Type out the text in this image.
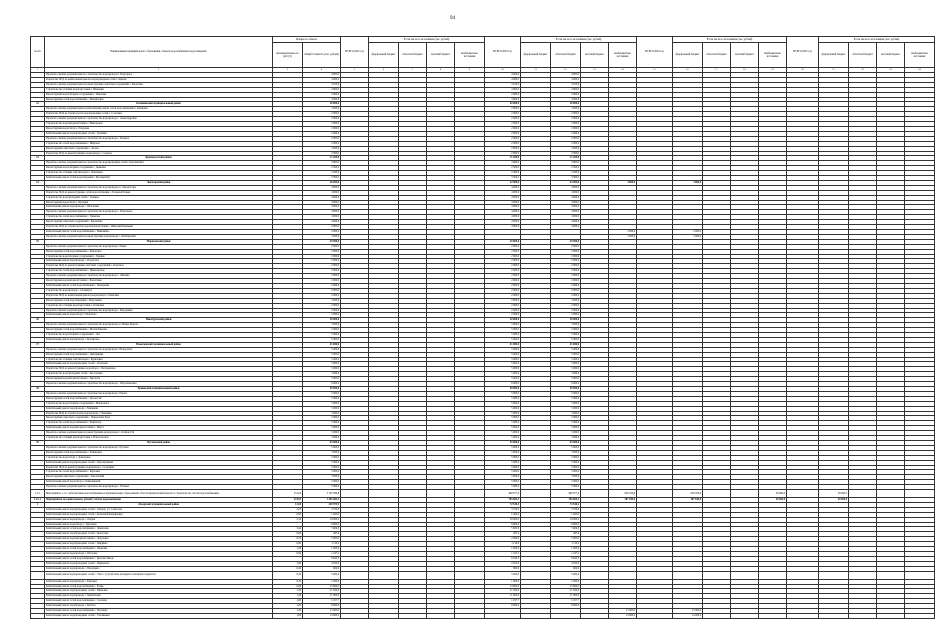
94
№ п/п	Наименование муниципального образования, объекта водоснабжения и водоотведения	Мощность объекта		ВСЕГО 2022 год	В том числе по источникам (тыс. рублей)				ВСЕГО 2023 год	В том числе по источникам (тыс. рублей)				ВСЕГО 2024 год	В том числе по источникам (тыс. рублей)				ВСЕГО 2025 год	В том числе по источникам (тыс. рублей)				
		производительность (м³/сут)	общий стоимость (тыс. рублей)		федеральный бюджет	областной бюджет	местный бюджет	внебюджетные источники		федеральный бюджет	областной бюджет	местный бюджет	внебюджетные источники		федеральный бюджет	областной бюджет	местный бюджет	внебюджетные источники		федеральный бюджет	областной бюджет	местный бюджет	внебюджетные источники	
1	2	3	4	5	6	7	8	9	10	11	12	13	14	15	16	17	18	19	20	21	22	23	24	
	Проектно-сметная документация на строительство водопровода п. Подгорное		4 000,0						4 000,0		4 000,0													
	Разработка ПСД на капитальный ремонт водопроводных сетей с. Кирово		4 000,0						4 000,0		4 000,0													
	Проектно-сметная документация на реконструкцию очистных сооружений с. Березовка		3 100,0						3 100,0		3 100,0													
	Строительство станции водоподготовки с. Ивановка		4 000,0						4 000,0		4 000,0													
	Реконструкция водозаборных сооружений с. Павловка		2 900,0						2 900,0		2 900,0													
	Реконструкция сетей водоснабжения с. Михайловка		3 900,0						3 900,0		3 900,0													
12	Калининский муниципальный район		20 000,0						20 000,0		20 000,0													
	Проектно-сметная документация на капитальный ремонт сетей водоснабжения п. Калинино		2 000,0						2 000,0		2 000,0													
	Разработка ПСД на строительство водопроводных сетей с. Сосновка		2 000,0						2 000,0		2 000,0													
	Проектно-сметная документация на строительство водопровода с. Александровка		2 000,0						2 000,0		2 000,0													
	Строительство водонапорной башни с. Никольское		2 000,0						2 000,0		2 000,0													
	Реконструкция водозабора с. Покровка		2 000,0						2 000,0		2 000,0													
	Капитальный ремонт водопроводных сетей с. Грачёвка		2 000,0						2 000,0		2 000,0													
	Проектно-сметная документация на строительство водопровода с. Полевое		2 000,0						2 000,0		2 000,0													
	Строительство сетей водоснабжения с. Широкое		2 000,0						2 000,0		2 000,0													
	Реконструкция очистных сооружений с. Лесное		2 000,0						2 000,0		2 000,0													
	Разработка ПСД на реконструкцию водопровода с. Садовое		2 000,0						2 000,0		2 000,0													
13	Краснокутский район		11 200,0						11 200,0		11 200,0													
	Проектно-сметная документация на строительство водопроводных сетей г. Красный Кут		3 000,0						3 000,0		3 000,0													
	Реконструкция водозаборных сооружений с. Дьяковка		2 500,0						2 500,0		2 500,0													
	Строительство станции очистки воды с. Лепехинка		2 400,0						2 400,0		2 400,0													
	Капитальный ремонт сетей водоотведения г. Красный Кут		3 300,0						3 300,0		3 300,0													
14	Лысогорский район		46 000,0						42 000,0		42 000,0		4 000,0		4 000,0									
	Проектно-сметная документация на строительство водопровода р.п. Лысые Горы		4 000,0						4 000,0		4 000,0													
	Разработка ПСД на реконструкцию сетей водоснабжения с. Большая Рельня		4 000,0						4 000,0		4 000,0													
	Строительство водопроводных сетей с. Урицкое		4 000,0						4 000,0		4 000,0													
	Реконструкция водозабора с. Бутырки		4 000,0						4 000,0		4 000,0													
	Капитальный ремонт водопровода с. Яблоновка		4 000,0						4 000,0		4 000,0													
	Проектно-сметная документация на строительство водопровода с. Раздольное		4 000,0						4 000,0		4 000,0													
	Строительство сетей водоснабжения с. Гремячка		4 000,0						4 000,0		4 000,0													
	Реконструкция очистных сооружений с. Барановка		4 000,0						4 000,0		4 000,0													
	Разработка ПСД на строительство водонапорной башни с. Широкий Карамыш		4 000,0						4 000,0		4 000,0													
	Капитальный ремонт сетей водоснабжения с. Невежкино		2 000,0										2 000,0		2 000,0									
	Проектно-сметная документация на реконструкцию водопровода с. Октябрьский		2 000,0										2 000,0		2 000,0									
15	Марксовский район		30 000,0						30 000,0		30 000,0													
	Проектно-сметная документация на строительство водопровода г. Маркс		2 000,0						2 000,0		2 000,0													
	Реконструкция сетей водоснабжения с. Кировское		2 000,0						2 000,0		2 000,0													
	Строительство водозаборных сооружений с. Зоркино		2 000,0						2 000,0		2 000,0													
	Капитальный ремонт водопровода с. Подлесное		2 000,0						2 000,0		2 000,0													
	Разработка ПСД на реконструкцию очистных сооружений с. Кочетное		2 000,0						2 000,0		2 000,0													
	Строительство сетей водоснабжения с. Приволжское		2 000,0						2 000,0		2 000,0													
	Проектно-сметная документация на строительство водопровода с. Липовка		2 000,0						2 000,0		2 000,0													
	Реконструкция водонапорной башни с. Баскатовка		2 000,0						2 000,0		2 000,0													
	Капитальный ремонт сетей водоснабжения с. Звонаревка		2 000,0						2 000,0		2 000,0													
	Строительство водопровода с. Сплавнуха		2 000,0						2 000,0		2 000,0													
	Разработка ПСД на капитальный ремонт водопровода с. Павловка		2 000,0						2 000,0		2 000,0													
	Реконструкция сетей водоотведения с. Воротаевка		2 000,0						2 000,0		2 000,0													
	Строительство станции водоподготовки с. Осиновка		2 000,0						2 000,0		2 000,0													
	Проектно-сметная документация на строительство водопровода с. Бородаевка		2 000,0						2 000,0		2 000,0													
	Капитальный ремонт водозабора с. Раскатово		2 000,0						2 000,0		2 000,0													
16	Новобурасский район		20 000,0						20 000,0		20 000,0													
	Проектно-сметная документация на строительство водопровода р.п. Новые Бурасы		5 000,0						5 000,0		5 000,0													
	Реконструкция сетей водоснабжения с. Малая Каменка		5 000,0						5 000,0		5 000,0													
	Строительство водозаборных сооружений с. Лох		5 000,0						5 000,0		5 000,0													
	Капитальный ремонт водопровода с. Белоярское		5 000,0						5 000,0		5 000,0													
17	Новоузенский муниципальный район		41 000,0						41 000,0		41 000,0													
	Проектно-сметная документация на строительство водопровода г. Новоузенск		5 000,0						5 000,0		5 000,0													
	Реконструкция сетей водоснабжения с. Дмитриевка		5 000,0						5 000,0		5 000,0													
	Строительство станции очистки воды с. Куриловка		5 000,0						5 000,0		5 000,0													
	Капитальный ремонт водопроводных сетей с. Олоновка		5 000,0						5 000,0		5 000,0													
	Разработка ПСД на реконструкцию водозабора с. Пограничное		5 000,0						5 000,0		5 000,0													
	Строительство водопроводных сетей с. Бессоновка		5 000,0						5 000,0		5 000,0													
	Реконструкция водонапорной башни с. Чертанла		5 000,0						5 000,0		5 000,0													
	Проектно-сметная документация на строительство водопровода с. Петропавловка		6 000,0						6 000,0		6 000,0													
18	Ершовский муниципальный район		50 000,0						50 000,0		50 000,0													
	Проектно-сметная документация на строительство водопровода г. Ершов		5 000,0						5 000,0		5 000,0													
	Реконструкция сетей водоснабжения с. Орлов Гай		5 000,0						5 000,0		5 000,0													
	Строительство водозаборных сооружений с. Новорепное		5 000,0						5 000,0		5 000,0													
	Капитальный ремонт водопровода с. Мавринка		5 000,0						5 000,0		5 000,0													
	Разработка ПСД на строительство водопровода с. Чапаевка		5 000,0						5 000,0		5 000,0													
	Реконструкция очистных сооружений с. Перекопная Лука		5 000,0						5 000,0		5 000,0													
	Строительство сетей водоснабжения с. Рефлектор		5 000,0						5 000,0		5 000,0													
	Капитальный ремонт водонапорной башни с. Миусс		5 000,0						5 000,0		5 000,0													
	Проектно-сметная документация на реконструкцию водопровода с. Осинов Гай		5 000,0						5 000,0		5 000,0													
	Строительство станции водоподготовки с. Новосельское		5 000,0						5 000,0		5 000,0													
19	Пугачевский район		45 000,0						45 000,0		45 000,0													
	Проектно-сметная документация на строительство водопровода г. Пугачев		5 000,0						5 000,0		5 000,0													
	Реконструкция сетей водоснабжения с. Клинцовка		5 000,0						5 000,0		5 000,0													
	Строительство водозабора с. Давыдовка		5 000,0						5 000,0		5 000,0													
	Капитальный ремонт водопроводных сетей с. Преображенка		5 000,0						5 000,0		5 000,0													
	Разработка ПСД на реконструкцию водопровода с. Селезниха		5 000,0						5 000,0		5 000,0													
	Строительство сетей водоснабжения с. Карловка		5 000,0						5 000,0		5 000,0													
	Реконструкция очистных сооружений с. Заволжский		5 000,0						5 000,0		5 000,0													
	Капитальный ремонт водозабора с. Камеликский		5 000,0						5 000,0		5 000,0													
	Проектно-сметная документация на строительство водопровода с. Успенка		5 000,0						5 000,0		5 000,0													
1.1.2.	Мероприятие 1.1.2. «Обеспечение водоснабжением в муниципальных образованиях области (капитальный ремонт и строительство систем водоснабжения)»	231,02	3 740 386,8						669 877,4		660 877,4		939 456,0		939 456,0			39 990,0		39 990,0				
1.1.2.1.	Мероприятия по капитальному ремонту систем водоснабжения	124,92	1 445 483,3						765 004,3		756 004,3		287 049,0		287 049,0			40 000,0		40 000,0				
1	Аткарский муниципальный район	12,04	149 975,9						72 810,4		72 810,4													
	Капитальный ремонт водопроводных сетей г. Аткарск, ул. Советская	2,03	3 700,0						3 700,0		3 700,0													
	Капитальный ремонт водопроводных сетей с. Большая Екатериновка	0,95	1 400,0						1 400,0		1 400,0													
	Капитальный ремонт водопровода с. Озерки	2,14	18 000,0						18 000,0		18 000,0													
	Капитальный ремонт водозабора с. Тургенево		9 800,0						9 800,0		9 800,0													
	Капитальный ремонт сетей водоснабжения с. Даниловка	3,44	5 600,0						5 600,0		5 600,0													
	Капитальный ремонт водопроводных сетей с. Кочетовка	0,60	487,4						487,4		487,4													
	Капитальный ремонт водонапорной башни с. Лопуховка	0,70	2 000,0						2 000,0		2 000,0													
	Капитальный ремонт водопроводных сетей с. Марфино	0,90	1 110,0						1 110,0		1 110,0													
	Капитальный ремонт сетей водоснабжения с. Языковка	1,38	1 000,0						1 000,0		1 000,0													
	Капитальный ремонт водопровода с. Петровка	0,92	1 247,2						1 247,2		1 247,2													
	Капитальный ремонт сетей водоснабжения с. Красная Звезда		8 043,3						8 043,3		8 043,3													
	Капитальный ремонт водопроводных сетей с. Приречное	1,00	2 022,0						2 022,0		2 022,0													
	Капитальный ремонт водопровода с. Прокудино	0,40	600,0						600,0		600,0													
	Капитальный ремонт водопроводных сетей с. Умет с устройством колодцев и пожарных гидрантов	0,20	5 000,0						5 000,0		5 000,0													
	Капитальный ремонт водопровода с. Ершовка	0,32	1 000,0						1 000,0		1 000,0													
	Капитальный ремонт сетей водоснабжения с. Елань	0,60	13 600,0						13 600,0		13 600,0													
	Капитальный ремонт водопроводных сетей с. Ивановка	1,20	11 500,0						11 500,0		11 500,0													
	Капитальный ремонт водопровода с. Михайловка	1,20	11 000,0						11 000,0		11 000,0													
	Капитальный ремонт сетей водоснабжения с. Сазоново	1,60	1 917,7						1 917,7		1 917,7													
	Капитальный ремонт водопровода с. Белгаза	1,00	8 000,0						8 000,0		8 000,0													
	Капитальный ремонт сетей водоснабжения с. Песчанка	1,20	15 000,0										15 000,0		15 000,0									
	Капитальный ремонт водопроводных сетей с. Тепляковка	1,00	14 000,0										14 000,0		14 000,0									
